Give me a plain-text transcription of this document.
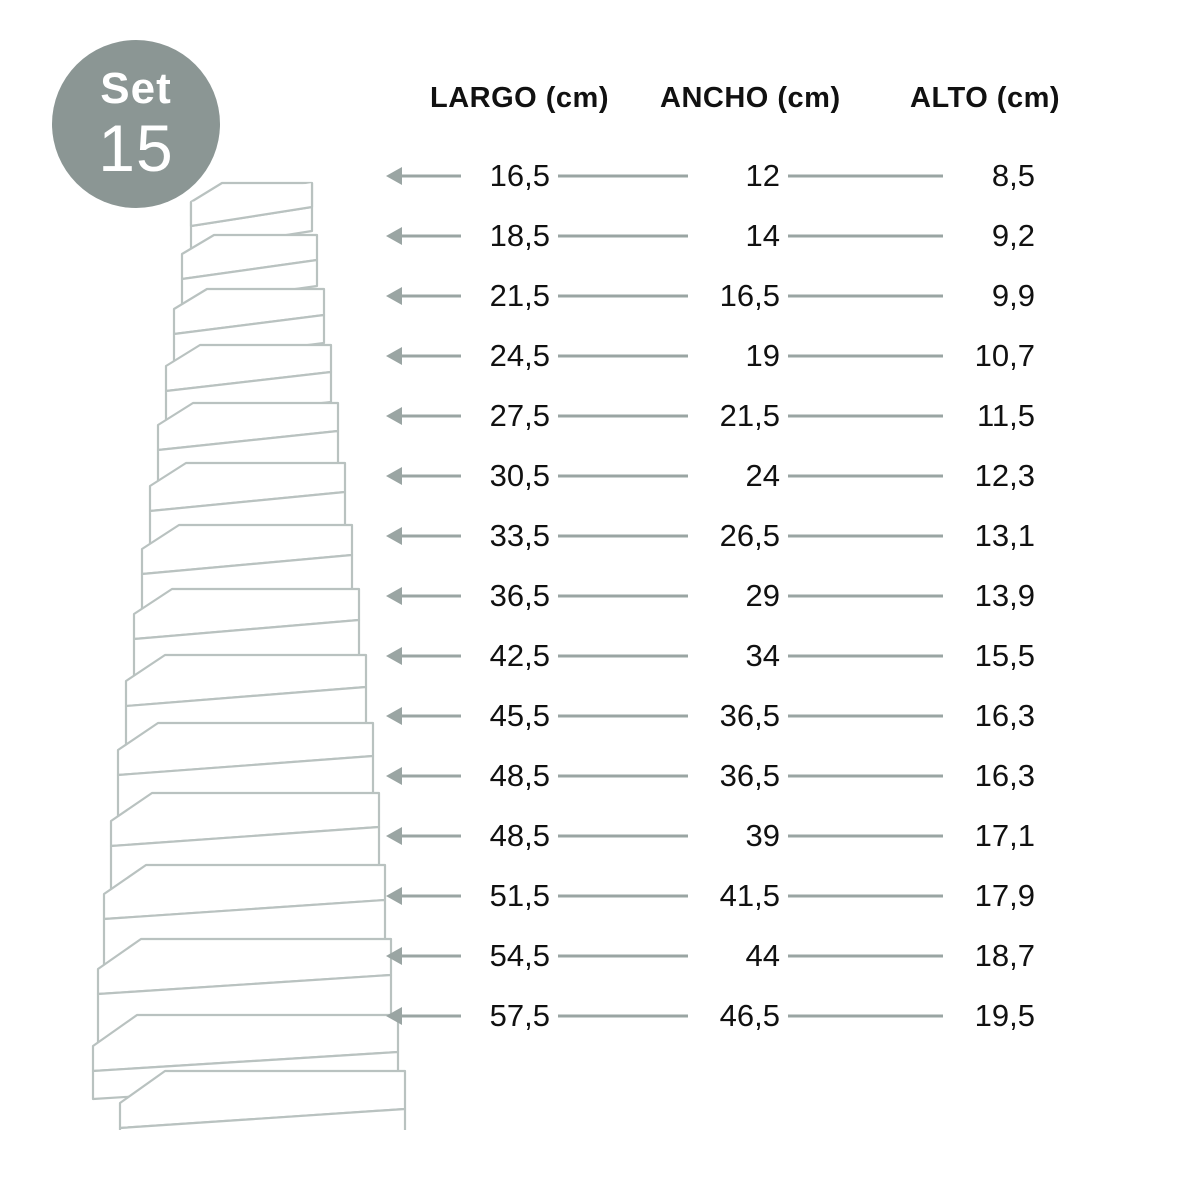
Set
15
LARGO (cm) ANCHO (cm) ALTO (cm)
16,5	12	8,5
18,5	14	9,2
21,5	16,5	9,9
24,5	19	10,7
27,5	21,5	11,5
30,5	24	12,3
33,5	26,5	13,1
36,5	29	13,9
42,5	34	15,5
45,5	36,5	16,3
48,5	36,5	16,3
48,5	39	17,1
51,5	41,5	17,9
54,5	44	18,7
57,5	46,5	19,5
